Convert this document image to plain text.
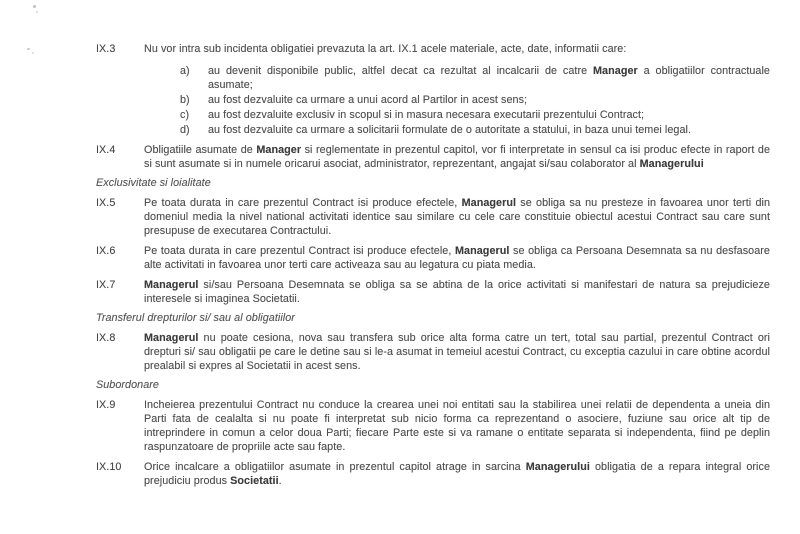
IX.3	Nu vor intra sub incidenta obligatiei prevazuta la art. IX.1 acele materiale, acte, date, informatii care:
a)	au devenit disponibile public, altfel decat ca rezultat al incalcarii de catre Manager a obligatiilor contractuale asumate;
b)	au fost dezvaluite ca urmare a unui acord al Partilor in acest sens;
c)	au fost dezvaluite exclusiv in scopul si in masura necesara executarii prezentului Contract;
d)	au fost dezvaluite ca urmare a solicitarii formulate de o autoritate a statului, in baza unui temei legal.
IX.4	Obligatiile asumate de Manager si reglementate in prezentul capitol, vor fi interpretate in sensul ca isi produc efecte in raport de si sunt asumate si in numele oricarui asociat, administrator, reprezentant, angajat si/sau colaborator al Managerului
Exclusivitate si loialitate
IX.5	Pe toata durata in care prezentul Contract isi produce efectele, Managerul se obliga sa nu presteze in favoarea unor terti din domeniul media la nivel national activitati identice sau similare cu cele care constituie obiectul acestui Contract sau care sunt presupuse de executarea Contractului.
IX.6	Pe toata durata in care prezentul Contract isi produce efectele, Managerul se obliga ca Persoana Desemnata sa nu desfasoare alte activitati in favoarea unor terti care activeaza sau au legatura cu piata media.
IX.7	Managerul si/sau Persoana Desemnata se obliga sa se abtina de la orice activitati si manifestari de natura sa prejudicieze interesele si imaginea Societatii.
Transferul drepturilor si/ sau al obligatiilor
IX.8	Managerul nu poate cesiona, nova sau transfera sub orice alta forma catre un tert, total sau partial, prezentul Contract ori drepturi si/ sau obligatii pe care le detine sau si le-a asumat in temeiul acestui Contract, cu exceptia cazului in care obtine acordul prealabil si expres al Societatii in acest sens.
Subordonare
IX.9	Incheierea prezentului Contract nu conduce la crearea unei noi entitati sau la stabilirea unei relatii de dependenta a uneia din Parti fata de cealalta si nu poate fi interpretat sub nicio forma ca reprezentand o asociere, fuziune sau orice alt tip de intreprindere in comun a celor doua Parti; fiecare Parte este si va ramane o entitate separata si independenta, fiind pe deplin raspunzatoare de propriile acte sau fapte.
IX.10	Orice incalcare a obligatiilor asumate in prezentul capitol atrage in sarcina Managerului obligatia de a repara integral orice prejudiciu produs Societatii.
